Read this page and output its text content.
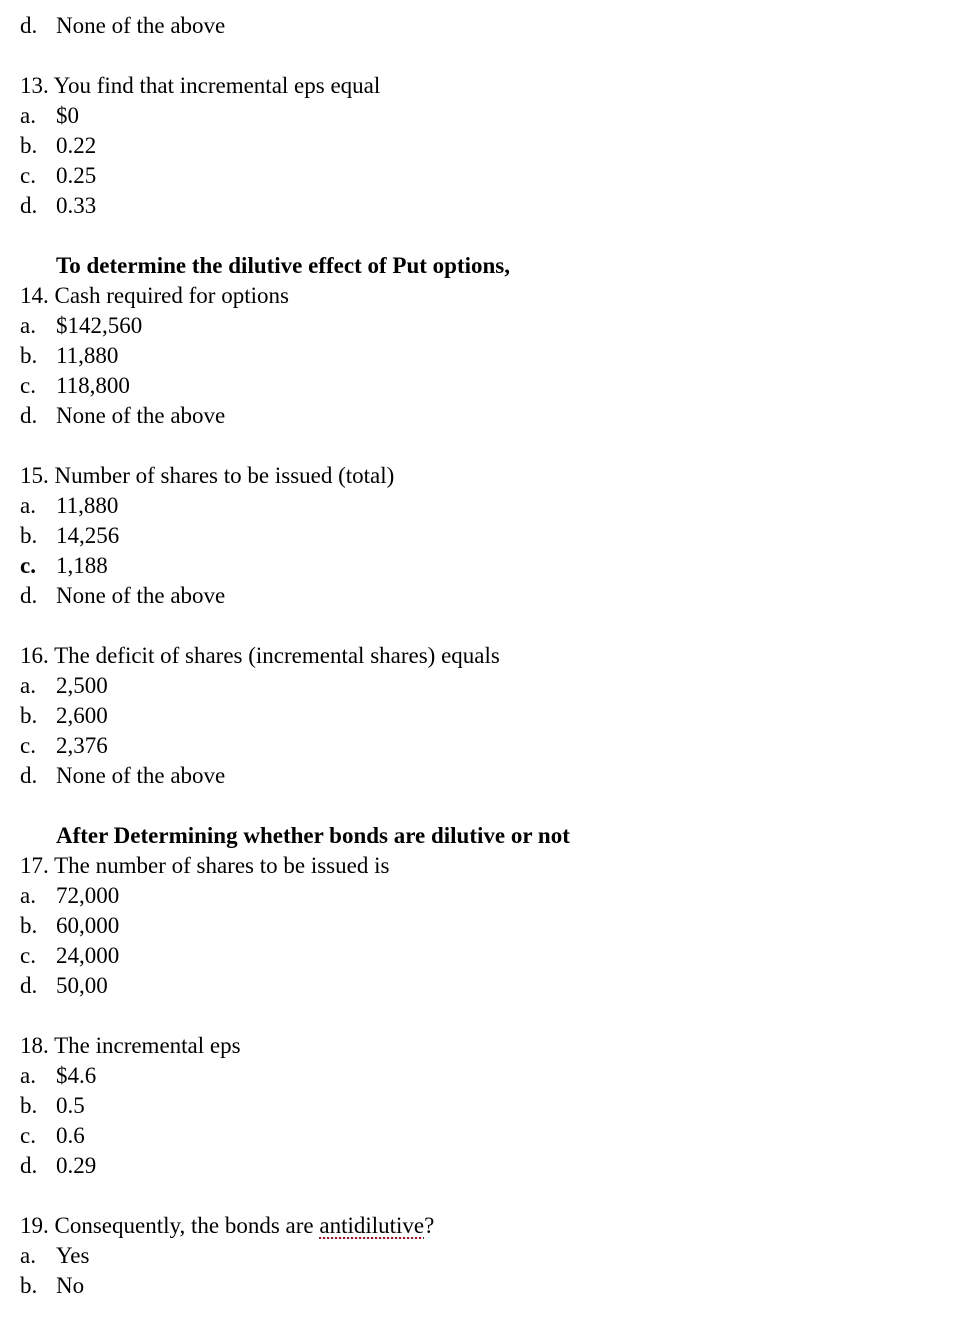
d. None of the above
13. You find that incremental eps equal
a. $0
b. 0.22
c. 0.25
d. 0.33
To determine the dilutive effect of Put options,
14. Cash required for options
a. $142,560
b. 11,880
c. 118,800
d. None of the above
15. Number of shares to be issued (total)
a. 11,880
b. 14,256
c. 1,188
d. None of the above
16. The deficit of shares (incremental shares) equals
a. 2,500
b. 2,600
c. 2,376
d. None of the above
After Determining whether bonds are dilutive or not
17. The number of shares to be issued is
a. 72,000
b. 60,000
c. 24,000
d. 50,00
18. The incremental eps
a. $4.6
b. 0.5
c. 0.6
d. 0.29
19. Consequently, the bonds are antidilutive?
a. Yes
b. No
